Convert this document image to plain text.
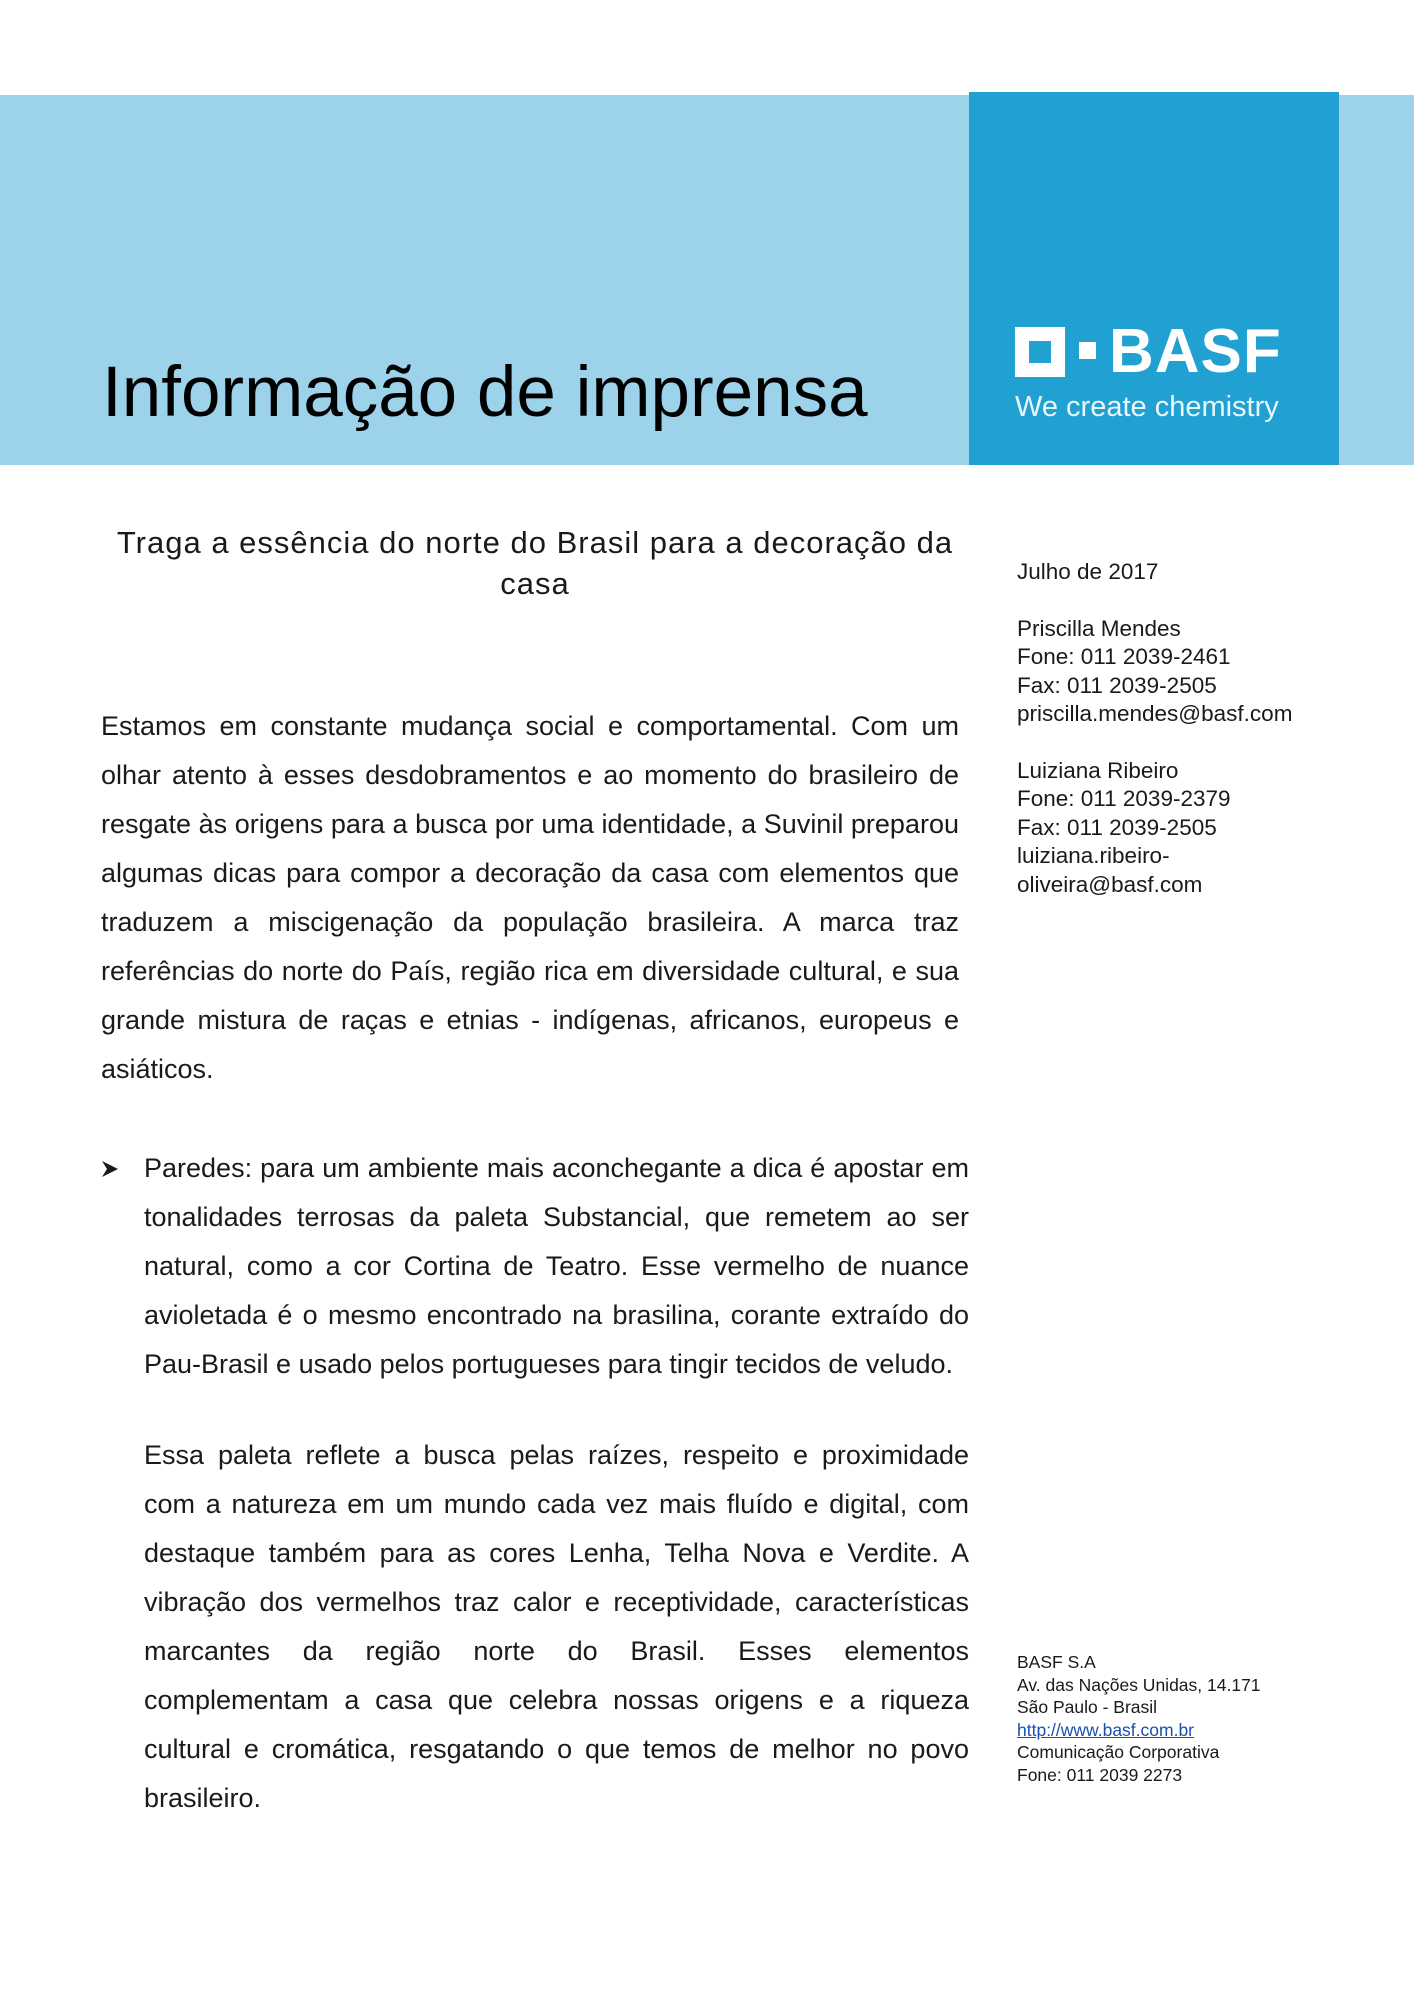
Informação de imprensa
BASF
We create chemistry
Traga a essência do norte do Brasil para a decoração da casa

Estamos em constante mudança social e comportamental. Com um olhar atento à esses desdobramentos e ao momento do brasileiro de resgate às origens para a busca por uma identidade, a Suvinil preparou algumas dicas para compor a decoração da casa com elementos que traduzem a miscigenação da população brasileira. A marca traz referências do norte do País, região rica em diversidade cultural, e sua grande mistura de raças e etnias - indígenas, africanos, europeus e asiáticos.

Paredes: para um ambiente mais aconchegante a dica é apostar em tonalidades terrosas da paleta Substancial, que remetem ao ser natural, como a cor Cortina de Teatro. Esse vermelho de nuance avioletada é o mesmo encontrado na brasilina, corante extraído do Pau-Brasil e usado pelos portugueses para tingir tecidos de veludo.

Essa paleta reflete a busca pelas raízes, respeito e proximidade com a natureza em um mundo cada vez mais fluído e digital, com destaque também para as cores Lenha, Telha Nova e Verdite. A vibração dos vermelhos traz calor e receptividade, características marcantes da região norte do Brasil. Esses elementos complementam a casa que celebra nossas origens e a riqueza cultural e cromática, resgatando o que temos de melhor no povo brasileiro.

Julho de 2017

Priscilla Mendes

Fone: 011 2039-2461

Fax: 011 2039-2505

priscilla.mendes@basf.com

Luiziana Ribeiro

Fone: 011 2039-2379

Fax: 011 2039-2505

luiziana.ribeiro-

oliveira@basf.com

BASF S.A

Av. das Nações Unidas, 14.171

São Paulo - Brasil

http://www.basf.com.br

Comunicação Corporativa

Fone: 011 2039 2273
